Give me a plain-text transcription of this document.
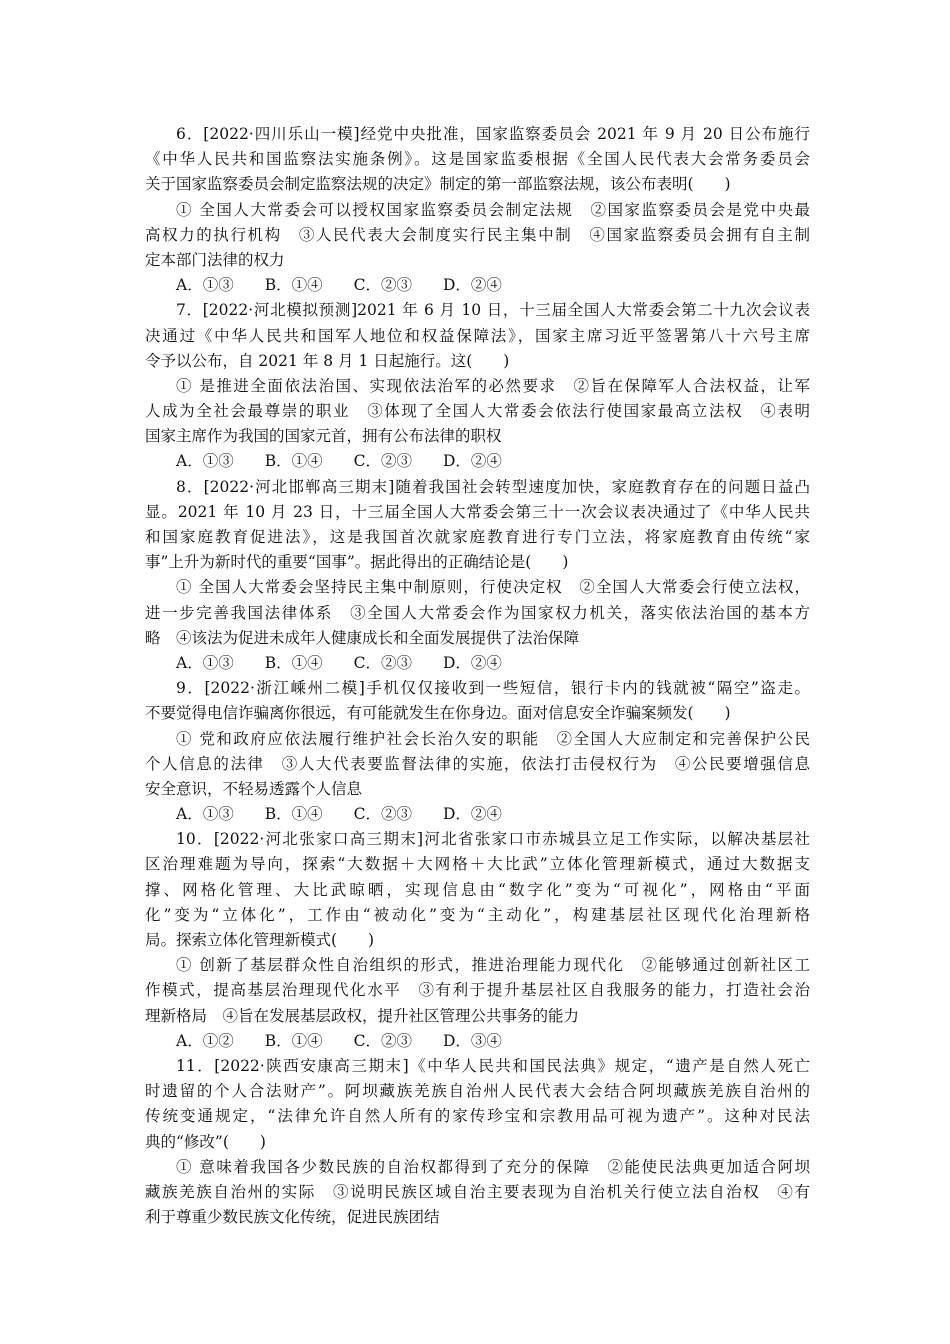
6．[2022·四川乐山一模]经党中央批准，国家监察委员会 2021 年 9 月 20 日公布施行
《中华人民共和国监察法实施条例》。这是国家监委根据《全国人民代表大会常务委员会
关于国家监察委员会制定监察法规的决定》制定的第一部监察法规，该公布表明(　　)
① 全国人大常委会可以授权国家监察委员会制定法规　②国家监察委员会是党中央最
高权力的执行机构　③人民代表大会制度实行民主集中制　④国家监察委员会拥有自主制
定本部门法律的权力
A．①③　　B．①④　　C．②③　　D．②④
7．[2022·河北模拟预测]2021 年 6 月 10 日，十三届全国人大常委会第二十九次会议表
决通过《中华人民共和国军人地位和权益保障法》，国家主席习近平签署第八十六号主席
令予以公布，自 2021 年 8 月 1 日起施行。这(　　)
① 是推进全面依法治国、实现依法治军的必然要求　②旨在保障军人合法权益，让军
人成为全社会最尊崇的职业　③体现了全国人大常委会依法行使国家最高立法权　④表明
国家主席作为我国的国家元首，拥有公布法律的职权
A．①③　　B．①④　　C．②③　　D．②④
8．[2022·河北邯郸高三期末]随着我国社会转型速度加快，家庭教育存在的问题日益凸
显。2021 年 10 月 23 日，十三届全国人大常委会第三十一次会议表决通过了《中华人民共
和国家庭教育促进法》，这是我国首次就家庭教育进行专门立法，将家庭教育由传统“家
事”上升为新时代的重要“国事”。据此得出的正确结论是(　　)
① 全国人大常委会坚持民主集中制原则，行使决定权　②全国人大常委会行使立法权，
进一步完善我国法律体系　③全国人大常委会作为国家权力机关，落实依法治国的基本方
略　④该法为促进未成年人健康成长和全面发展提供了法治保障
A．①③　　B．①④　　C．②③　　D．②④
9．[2022·浙江嵊州二模]手机仅仅接收到一些短信，银行卡内的钱就被“隔空”盗走。
不要觉得电信诈骗离你很远，有可能就发生在你身边。面对信息安全诈骗案频发(　　)
① 党和政府应依法履行维护社会长治久安的职能　②全国人大应制定和完善保护公民
个人信息的法律　③人大代表要监督法律的实施，依法打击侵权行为　④公民要增强信息
安全意识，不轻易透露个人信息
A．①③　　B．①④　　C．②③　　D．②④
10．[2022·河北张家口高三期末]河北省张家口市赤城县立足工作实际，以解决基层社
区治理难题为导向，探索“大数据＋大网格＋大比武”立体化管理新模式，通过大数据支
撑、网格化管理、大比武晾晒，实现信息由“数字化”变为“可视化”，网格由“平面
化”变为“立体化”，工作由“被动化”变为“主动化”，构建基层社区现代化治理新格
局。探索立体化管理新模式(　　)
① 创新了基层群众性自治组织的形式，推进治理能力现代化　②能够通过创新社区工
作模式，提高基层治理现代化水平　③有利于提升基层社区自我服务的能力，打造社会治
理新格局　④旨在发展基层政权，提升社区管理公共事务的能力
A．①②　　B．①④　　C．②③　　D．③④
11．[2022·陕西安康高三期末]《中华人民共和国民法典》规定，“遗产是自然人死亡
时遗留的个人合法财产”。阿坝藏族羌族自治州人民代表大会结合阿坝藏族羌族自治州的
传统变通规定，“法律允许自然人所有的家传珍宝和宗教用品可视为遗产”。这种对民法
典的“修改”(　　)
① 意味着我国各少数民族的自治权都得到了充分的保障　②能使民法典更加适合阿坝
藏族羌族自治州的实际　③说明民族区域自治主要表现为自治机关行使立法自治权　④有
利于尊重少数民族文化传统，促进民族团结
